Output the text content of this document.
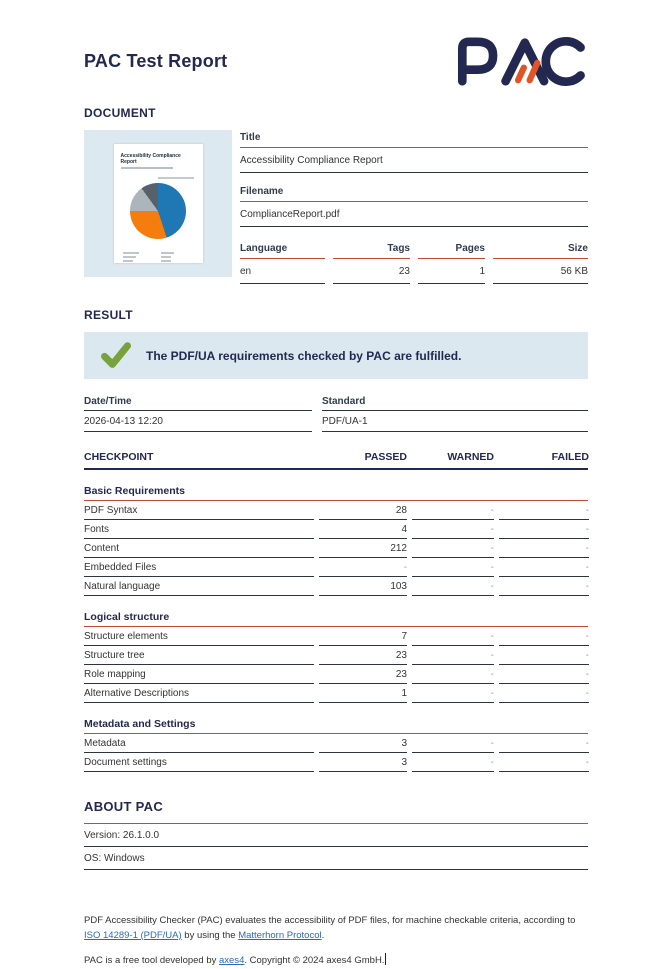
PAC Test Report
DOCUMENT
Accessibility Compliance Report
Title
Accessibility Compliance Report
Filename
ComplianceReport.pdf
Language	Tags	Pages	Size
en	23	1	56 KB
RESULT
The PDF/UA requirements checked by PAC are fulfilled.
Date/Time	Standard
2026-04-13 12:20	PDF/UA-1
CHECKPOINT	PASSED	WARNED	FAILED
Basic Requirements
PDF Syntax	28	-	-
Fonts	4	-	-
Content	212	-	-
Embedded Files	-	-	-
Natural language	103	-	-
Logical structure
Structure elements	7	-	-
Structure tree	23	-	-
Role mapping	23	-	-
Alternative Descriptions	1	-	-
Metadata and Settings
Metadata	3	-	-
Document settings	3	-	-
ABOUT PAC
Version: 26.1.0.0
OS: Windows

PDF Accessibility Checker (PAC) evaluates the accessibility of PDF files, for machine checkable criteria, according to ISO 14289-1 (PDF/UA) by using the Matterhorn Protocol.

PAC is a free tool developed by axes4. Copyright © 2024 axes4 GmbH.
